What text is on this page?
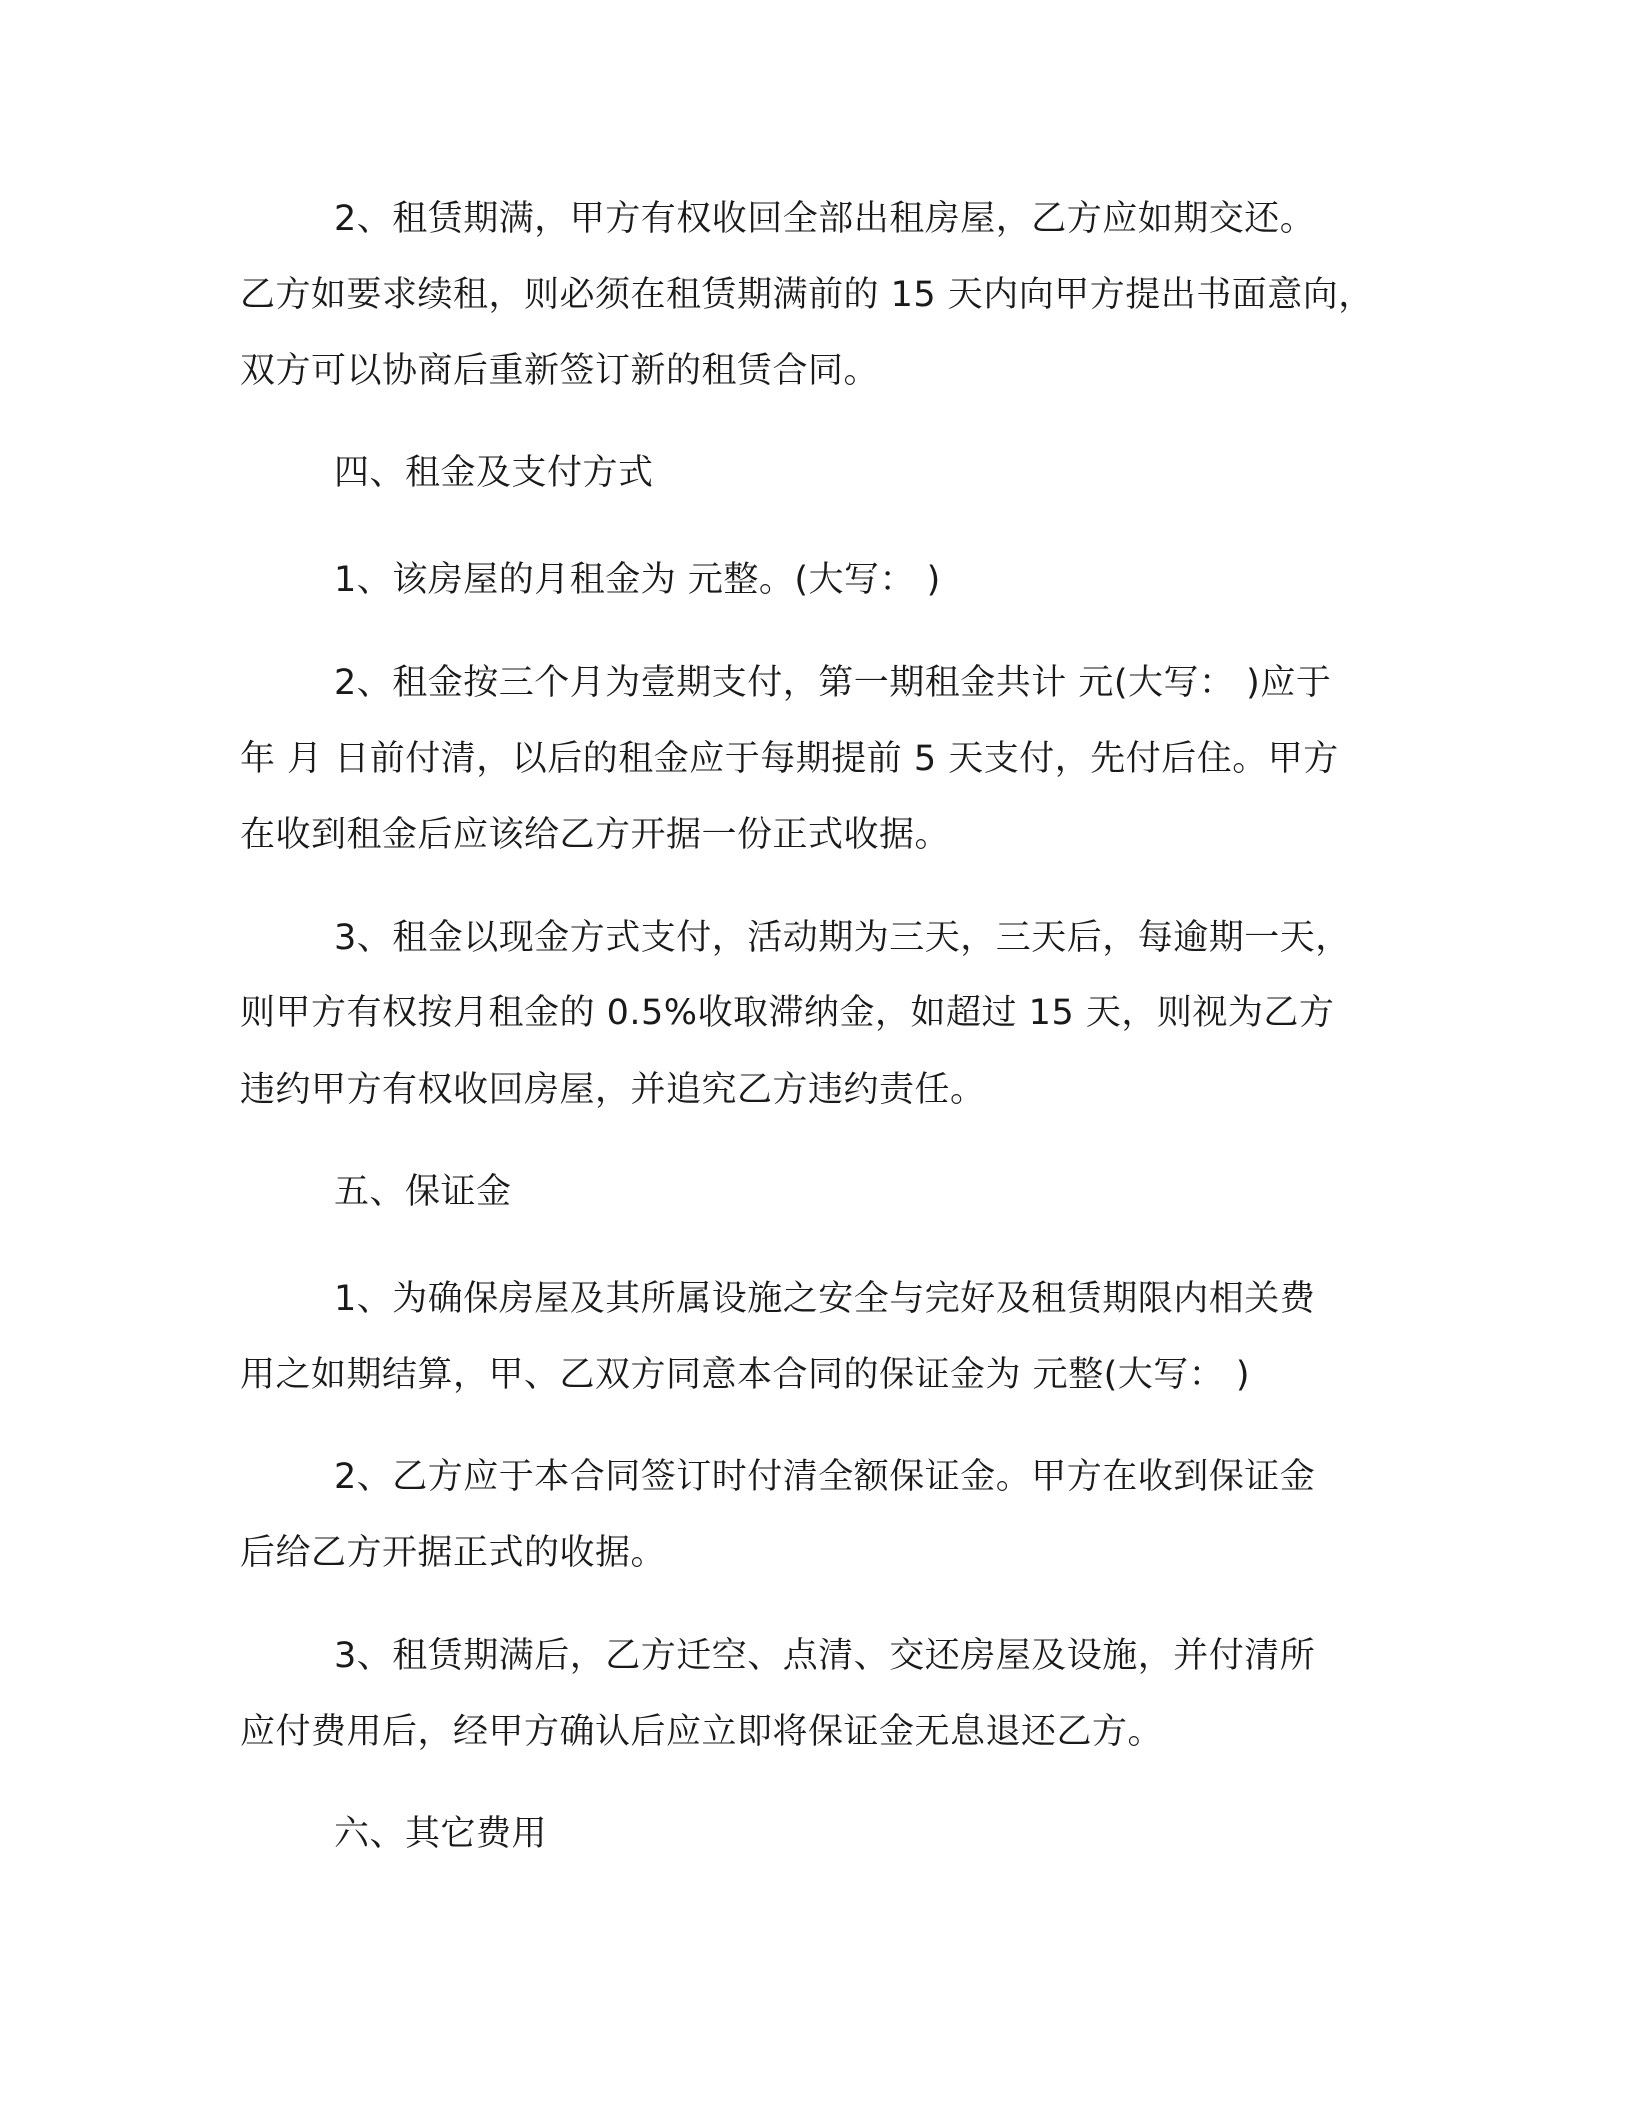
2、租赁期满，甲方有权收回全部出租房屋，乙方应如期交还。
乙方如要求续租，则必须在租赁期满前的 15 天内向甲方提出书面意向，
双方可以协商后重新签订新的租赁合同。
四、租金及支付方式
1、该房屋的月租金为 元整。(大写： )
2、租金按三个月为壹期支付，第一期租金共计 元(大写： )应于
年 月 日前付清，以后的租金应于每期提前 5 天支付，先付后住。甲方
在收到租金后应该给乙方开据一份正式收据。
3、租金以现金方式支付，活动期为三天，三天后，每逾期一天，
则甲方有权按月租金的 0.5%收取滞纳金，如超过 15 天，则视为乙方
违约甲方有权收回房屋，并追究乙方违约责任。
五、保证金
1、为确保房屋及其所属设施之安全与完好及租赁期限内相关费
用之如期结算，甲、乙双方同意本合同的保证金为 元整(大写： )
2、乙方应于本合同签订时付清全额保证金。甲方在收到保证金
后给乙方开据正式的收据。
3、租赁期满后，乙方迁空、点清、交还房屋及设施，并付清所
应付费用后，经甲方确认后应立即将保证金无息退还乙方。
六、其它费用
